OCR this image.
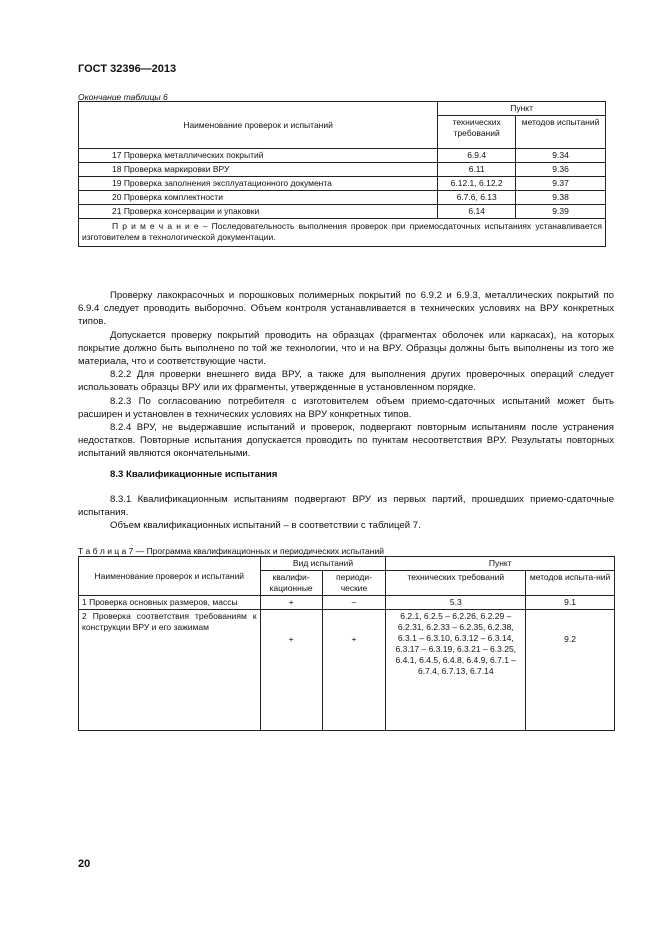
ГОСТ 32396—2013
Окончание таблицы 6
Наименование проверок и испытаний	Пункт	
	технических требований	методов испытаний
17 Проверка металлических покрытий	6.9.4	9.34
18 Проверка маркировки ВРУ	6.11	9.36
19 Проверка заполнения эксплуатационного документа	6.12.1, 6.12.2	9.37
20 Проверка комплектности	6.7.6, 6.13	9.38
21 Проверка консервации и упаковки	6.14	9.39
П р и м е ч а н и е – Последовательность выполнения проверок при приемосдаточных испытаниях устанавливается изготовителем в технологической документации.		

Проверку лакокрасочных и порошковых полимерных покрытий по 6.9.2 и 6.9.3, металлических покрытий по 6.9.4 следует проводить выборочно. Объем контроля устанавливается в технических условиях на ВРУ конкретных типов.

Допускается проверку покрытий проводить на образцах (фрагментах оболочек или каркасах), на которых покрытие должно быть выполнено по той же технологии, что и на ВРУ. Образцы должны быть выполнены из того же материала, что и соответствующие части.

8.2.2 Для проверки внешнего вида ВРУ, а также для выполнения других проверочных операций следует использовать образцы ВРУ или их фрагменты, утвержденные в установленном порядке.

8.2.3 По согласованию потребителя с изготовителем объем приемо-сдаточных испытаний может быть расширен и установлен в технических условиях на ВРУ конкретных типов.

8.2.4 ВРУ, не выдержавшие испытаний и проверок, подвергают повторным испытаниям после устранения недостатков. Повторные испытания допускается проводить по пунктам несоответствия ВРУ. Результаты повторных испытаний являются окончательными.

8.3 Квалификационные испытания

8.3.1 Квалификационным испытаниям подвергают ВРУ из первых партий, прошедших приемо-сдаточные испытания.

Объем квалификационных испытаний – в соответствии с таблицей 7.

Т а б л и ц а 7 — Программа квалификационных и периодических испытаний
Наименование проверок и испытаний	Вид испытаний		Пункт	
	квалифи-кационные	периоди-ческие	технических требований	методов испыта-ний
1 Проверка основных размеров, массы	+	–	5.3	9.1
2 Проверка соответствия требованиям к конструкции ВРУ и его зажимам	+	+	6.2.1, 6.2.5 – 6.2.26, 6.2.29 – 6.2.31, 6.2.33 – 6.2.35, 6.2.38, 6.3.1 – 6.3.10, 6.3.12 – 6.3.14, 6.3.17 – 6.3.19, 6.3.21 – 6.3.25, 6.4.1, 6.4.5, 6.4.8, 6.4.9, 6.7.1 – 6.7.4, 6.7.13, 6.7.14	9.2
20
